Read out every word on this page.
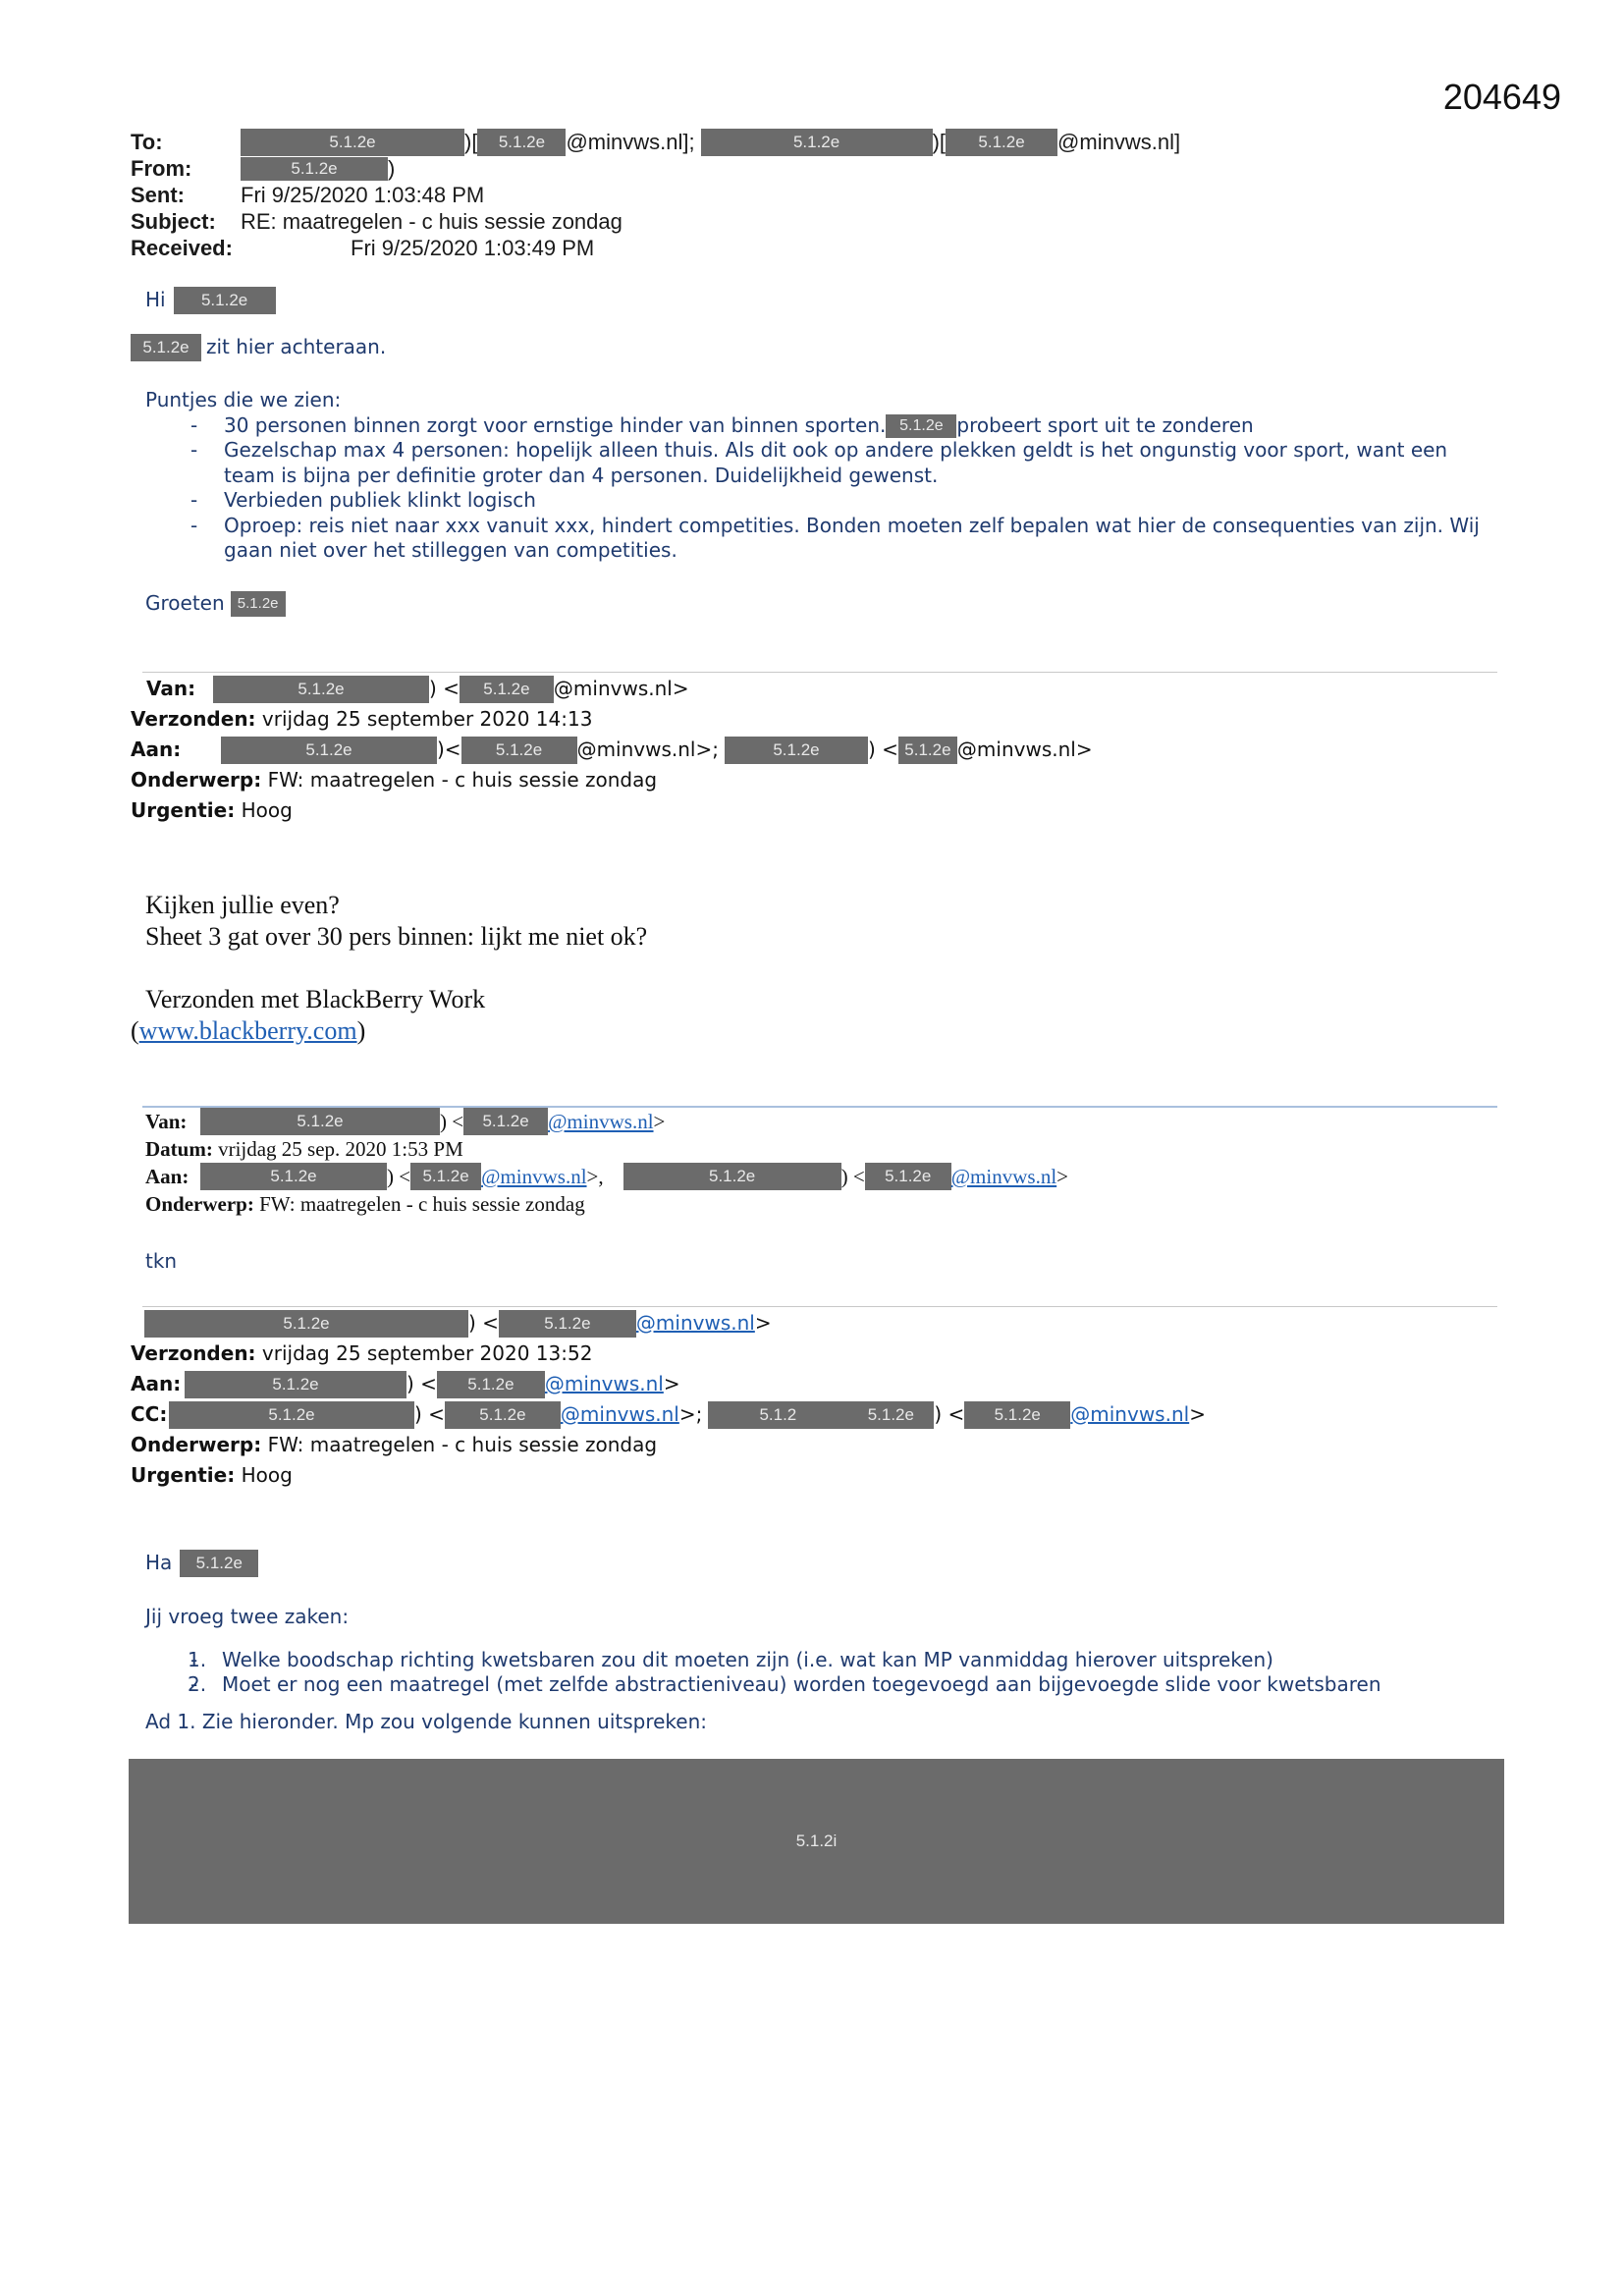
204649
To:	5.1.2e	)[	5.1.2e @minvws.nl];	5.1.2e	)[	5.1.2e	@minvws.nl]
From:	5.1.2e	)
Sent:	Fri 9/25/2020 1:03:48 PM
Subject:	RE: maatregelen - c huis sessie zondag
Received:	Fri 9/25/2020 1:03:49 PM
Hi	5.1.2e
5.1.2e zit hier achteraan.
Puntjes die we zien:
- 30 personen binnen zorgt voor ernstige hinder van binnen sporten. 5.1.2e probeert sport uit te zonderen
- Gezelschap max 4 personen: hopelijk alleen thuis. Als dit ook op andere plekken geldt is het ongunstig voor sport, want een team is bijna per definitie groter dan 4 personen. Duidelijkheid gewenst.
- Verbieden publiek klinkt logisch
- Oproep: reis niet naar xxx vanuit xxx, hindert competities. Bonden moeten zelf bepalen wat hier de consequenties van zijn. Wij gaan niet over het stilleggen van competities.
Groeten 5.1.2e
Van:	5.1.2e	) <	5.1.2e	@minvws.nl>
Verzonden: vrijdag 25 september 2020 14:13
Aan:	5.1.2e	)<	5.1.2e	@minvws.nl>;	5.1.2e	) < 5.1.2e @minvws.nl>
Onderwerp: FW: maatregelen - c huis sessie zondag
Urgentie: Hoog
Kijken jullie even?
Sheet 3 gat over 30 pers binnen: lijkt me niet ok?
Verzonden met BlackBerry Work
(www.blackberry.com)
Van:	5.1.2e	) <	5.1.2e @minvws.nl >
Datum: vrijdag 25 sep. 2020 1:53 PM
Aan:	5.1.2e	) < 5.1.2e @minvws.nl >,	5.1.2e	) <	5.1.2e @minvws.nl >
Onderwerp: FW: maatregelen - c huis sessie zondag
tkn
5.1.2e	) <	5.1.2e	@minvws.nl >
Verzonden: vrijdag 25 september 2020 13:52
Aan:	5.1.2e	) <	5.1.2e	@minvws.nl >
CC:	5.1.2e	) <	5.1.2e	@minvws.nl >;	5.1.2	5.1.2e	) <	5.1.2e	@minvws.nl >
Onderwerp: FW: maatregelen - c huis sessie zondag
Urgentie: Hoog
Ha	5.1.2e
Jij vroeg twee zaken:
- 1. Welke boodschap richting kwetsbaren zou dit moeten zijn (i.e. wat kan MP vanmiddag hierover uitspreken)
- 2. Moet er nog een maatregel (met zelfde abstractieniveau) worden toegevoegd aan bijgevoegde slide voor kwetsbaren
Ad 1. Zie hieronder. Mp zou volgende kunnen uitspreken:
5.1.2i
